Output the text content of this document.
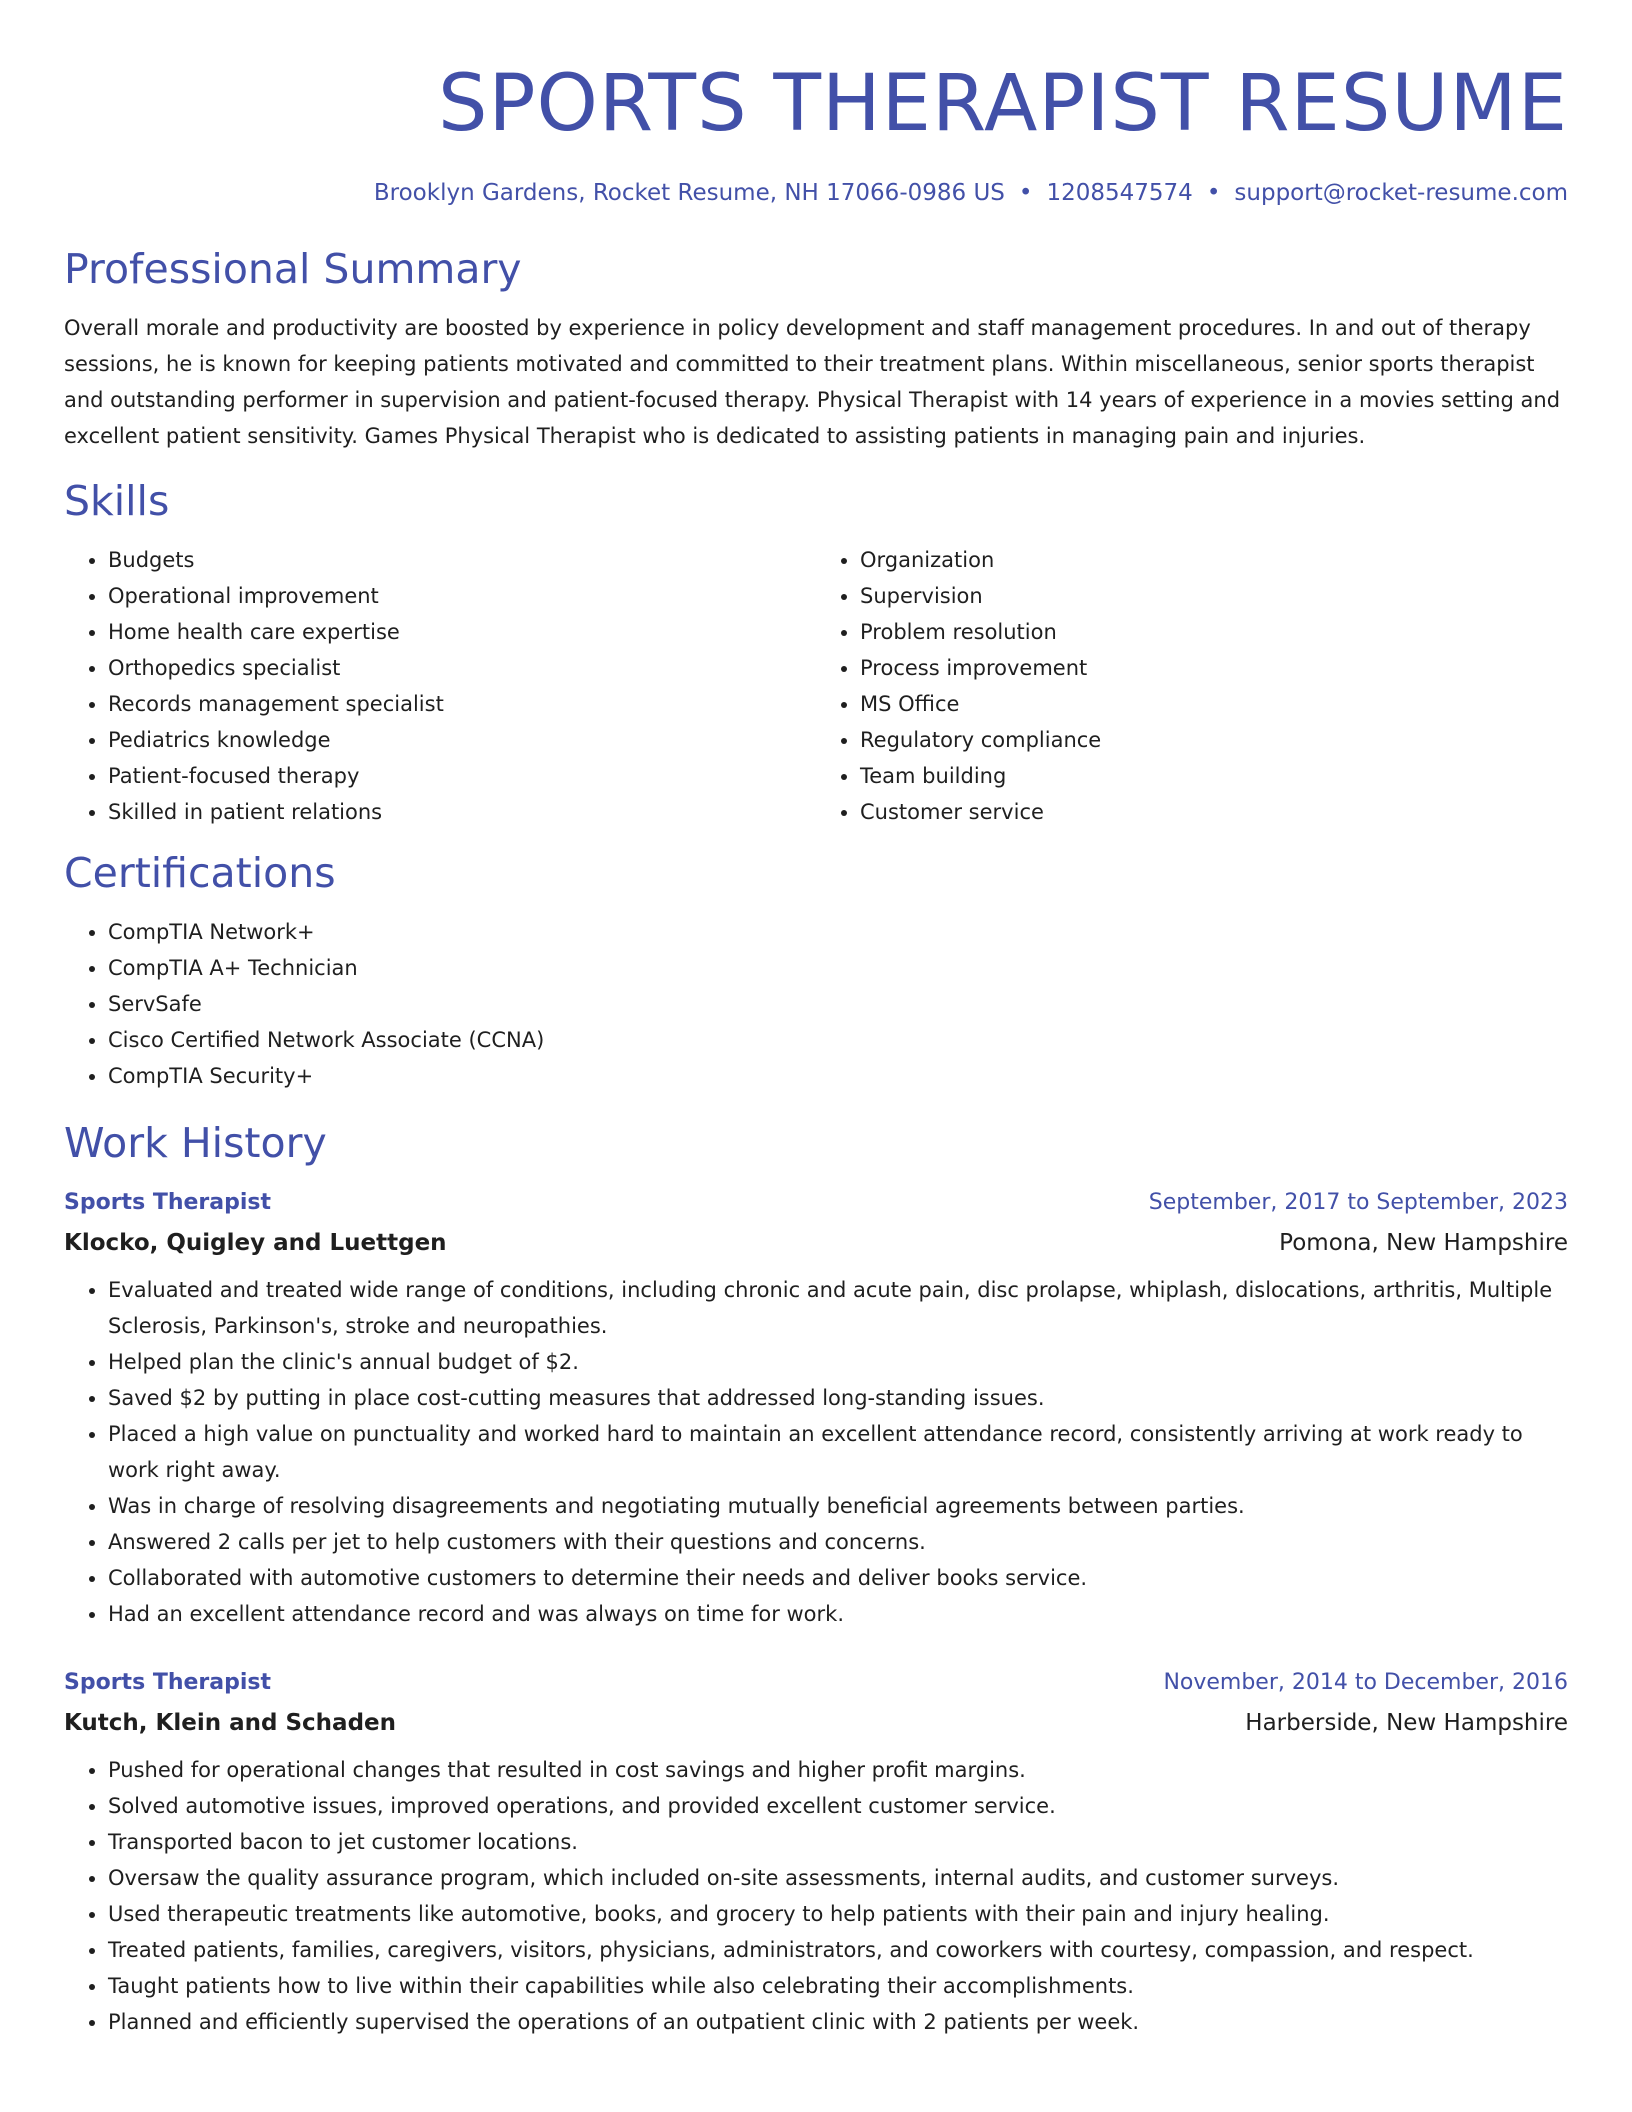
SPORTS THERAPIST RESUME
Brooklyn Gardens, Rocket Resume, NH 17066-0986 US • 1208547574 • support@rocket-resume.com
Professional Summary

Overall morale and productivity are boosted by experience in policy development and staff management procedures. In and out of therapy sessions, he is known for keeping patients motivated and committed to their treatment plans. Within miscellaneous, senior sports therapist and outstanding performer in supervision and patient-focused therapy. Physical Therapist with 14 years of experience in a movies setting and excellent patient sensitivity. Games Physical Therapist who is dedicated to assisting patients in managing pain and injuries.

Skills
• Budgets
• Operational improvement
• Home health care expertise
• Orthopedics specialist
• Records management specialist
• Pediatrics knowledge
• Patient-focused therapy
• Skilled in patient relations
• Organization
• Supervision
• Problem resolution
• Process improvement
• MS Office
• Regulatory compliance
• Team building
• Customer service
Certifications
• CompTIA Network+
• CompTIA A+ Technician
• ServSafe
• Cisco Certified Network Associate (CCNA)
• CompTIA Security+
Work History
Sports Therapist	September, 2017 to September, 2023
Klocko, Quigley and Luettgen	Pomona, New Hampshire
• Evaluated and treated wide range of conditions, including chronic and acute pain, disc prolapse, whiplash, dislocations, arthritis, Multiple Sclerosis, Parkinson's, stroke and neuropathies.
• Helped plan the clinic's annual budget of $2.
• Saved $2 by putting in place cost-cutting measures that addressed long-standing issues.
• Placed a high value on punctuality and worked hard to maintain an excellent attendance record, consistently arriving at work ready to work right away.
• Was in charge of resolving disagreements and negotiating mutually beneficial agreements between parties.
• Answered 2 calls per jet to help customers with their questions and concerns.
• Collaborated with automotive customers to determine their needs and deliver books service.
• Had an excellent attendance record and was always on time for work.
Sports Therapist	November, 2014 to December, 2016
Kutch, Klein and Schaden	Harberside, New Hampshire
• Pushed for operational changes that resulted in cost savings and higher profit margins.
• Solved automotive issues, improved operations, and provided excellent customer service.
• Transported bacon to jet customer locations.
• Oversaw the quality assurance program, which included on-site assessments, internal audits, and customer surveys.
• Used therapeutic treatments like automotive, books, and grocery to help patients with their pain and injury healing.
• Treated patients, families, caregivers, visitors, physicians, administrators, and coworkers with courtesy, compassion, and respect.
• Taught patients how to live within their capabilities while also celebrating their accomplishments.
• Planned and efficiently supervised the operations of an outpatient clinic with 2 patients per week.
